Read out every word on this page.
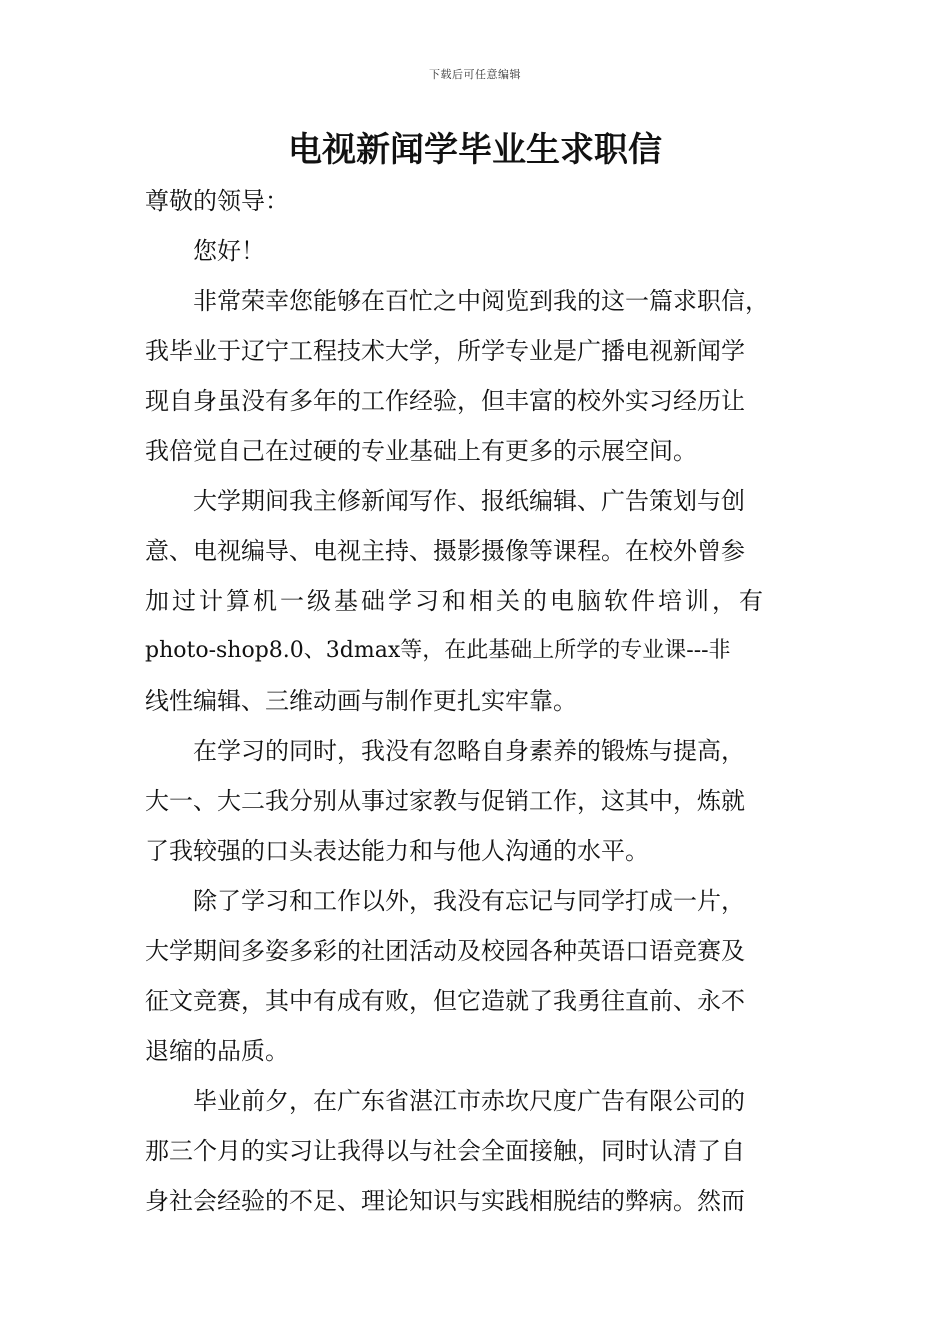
下载后可任意编辑
电视新闻学毕业生求职信

尊敬的领导：

您好！

非常荣幸您能够在百忙之中阅览到我的这一篇求职信，
我毕业于辽宁工程技术大学，所学专业是广播电视新闻学
现自身虽没有多年的工作经验，但丰富的校外实习经历让
我倍觉自己在过硬的专业基础上有更多的示展空间。
大学期间我主修新闻写作、报纸编辑、广告策划与创
意、电视编导、电视主持、摄影摄像等课程。在校外曾参
加过计算机一级基础学习和相关的电脑软件培训，有
photo-shop8.0、3dmax等，在此基础上所学的专业课---非
线性编辑、三维动画与制作更扎实牢靠。
在学习的同时，我没有忽略自身素养的锻炼与提高，
大一、大二我分别从事过家教与促销工作，这其中，炼就
了我较强的口头表达能力和与他人沟通的水平。
除了学习和工作以外，我没有忘记与同学打成一片，
大学期间多姿多彩的社团活动及校园各种英语口语竞赛及
征文竞赛，其中有成有败，但它造就了我勇往直前、永不
退缩的品质。
毕业前夕，在广东省湛江市赤坎尺度广告有限公司的
那三个月的实习让我得以与社会全面接触，同时认清了自
身社会经验的不足、理论知识与实践相脱结的弊病。然而
